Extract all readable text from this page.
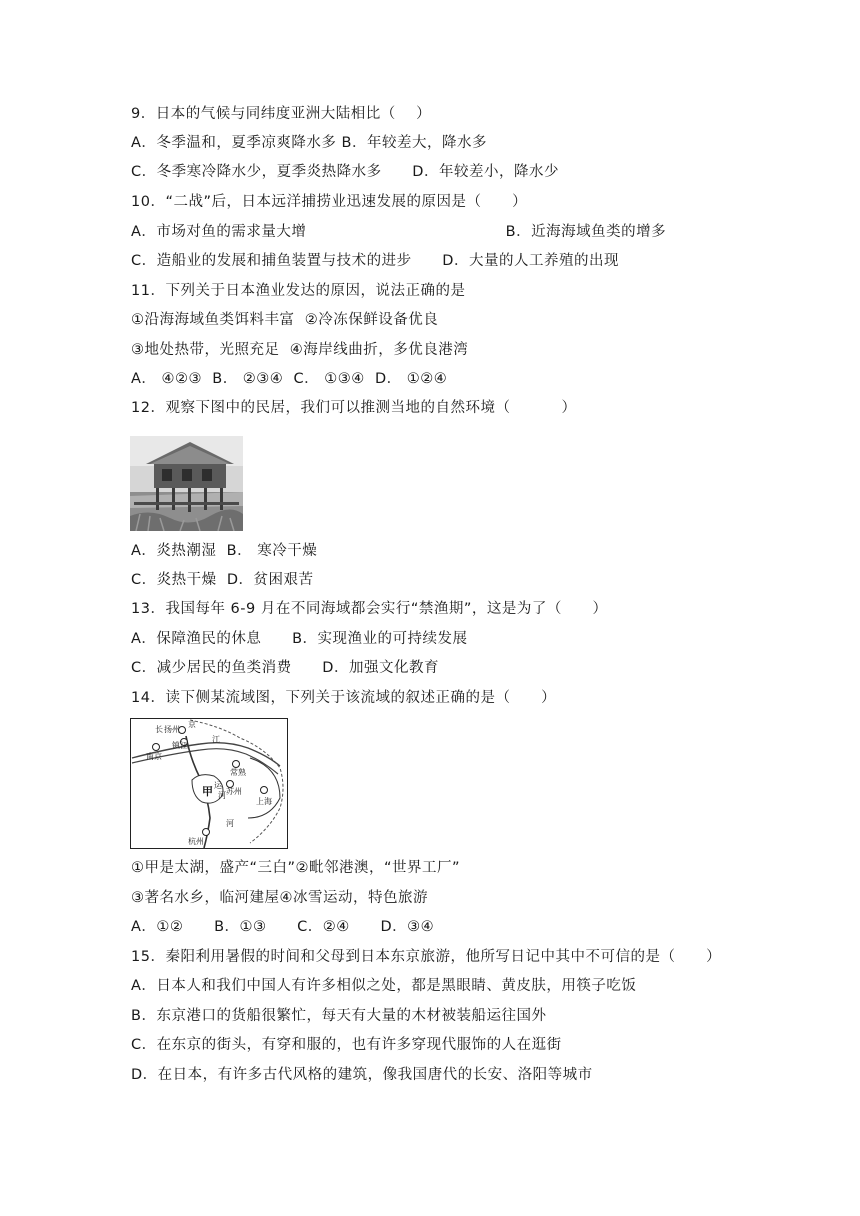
9．日本的气候与同纬度亚洲大陆相比（    ）
A．冬季温和，夏季凉爽降水多 B．年较差大，降水多
C．冬季寒冷降水少，夏季炎热降水多      D．年较差小，降水少
10．“二战”后，日本远洋捕捞业迅速发展的原因是（      ）
A．市场对鱼的需求量大增                                       B．近海海域鱼类的增多
C．造船业的发展和捕鱼装置与技术的进步      D．大量的人工养殖的出现
11．下列关于日本渔业发达的原因，说法正确的是
①沿海海域鱼类饵料丰富  ②冷冻保鲜设备优良
③地处热带，光照充足  ④海岸线曲折，多优良港湾
A． ④②③  B． ②③④  C． ①③④  D． ①②④
12．观察下图中的民居，我们可以推测当地的自然环境（          ）
A．炎热潮湿  B． 寒冷干燥
C．炎热干燥  D．贫困艰苦
13．我国每年 6-9 月在不同海域都会实行“禁渔期”，这是为了（      ）
A．保障渔民的休息      B．实现渔业的可持续发展
C．减少居民的鱼类消费      D．加强文化教育
14．读下侧某流域图，下列关于该流域的叙述正确的是（      ）
长 扬州
京
镇江
南京
江
常熟
运
河 苏州
甲
上海
杭州
河
①甲是太湖，盛产“三白”②毗邻港澳，“世界工厂”
③著名水乡，临河建屋④冰雪运动，特色旅游
A．①②      B．①③      C．②④      D．③④
15．秦阳利用暑假的时间和父母到日本东京旅游，他所写日记中其中不可信的是（      ）
A．日本人和我们中国人有许多相似之处，都是黑眼睛、黄皮肤，用筷子吃饭
B．东京港口的货船很繁忙，每天有大量的木材被装船运往国外
C．在东京的街头，有穿和服的，也有许多穿现代服饰的人在逛街
D．在日本，有许多古代风格的建筑，像我国唐代的长安、洛阳等城市
